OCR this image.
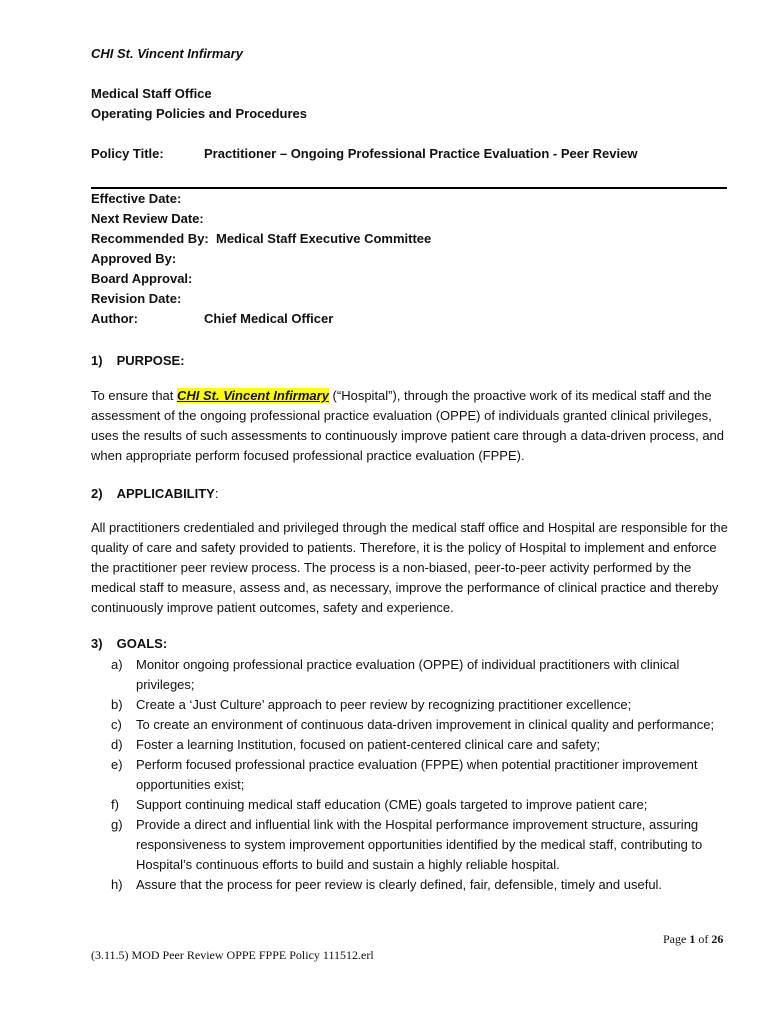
CHI St. Vincent Infirmary
Medical Staff Office
Operating Policies and Procedures
Policy Title:	Practitioner – Ongoing Professional Practice Evaluation - Peer Review
Effective Date:
Next Review Date:
Recommended By: Medical Staff Executive Committee
Approved By:
Board Approval:
Revision Date:
Author:	Chief Medical Officer
1) PURPOSE:
To ensure that CHI St. Vincent Infirmary (“Hospital”), through the proactive work of its medical staff and the assessment of the ongoing professional practice evaluation (OPPE) of individuals granted clinical privileges, uses the results of such assessments to continuously improve patient care through a data-driven process, and when appropriate perform focused professional practice evaluation (FPPE).
2) APPLICABILITY:
All practitioners credentialed and privileged through the medical staff office and Hospital are responsible for the quality of care and safety provided to patients. Therefore, it is the policy of Hospital to implement and enforce the practitioner peer review process. The process is a non-biased, peer-to-peer activity performed by the medical staff to measure, assess and, as necessary, improve the performance of clinical practice and thereby continuously improve patient outcomes, safety and experience.
3) GOALS:
a) Monitor ongoing professional practice evaluation (OPPE) of individual practitioners with clinical privileges;
b) Create a ‘Just Culture’ approach to peer review by recognizing practitioner excellence;
c) To create an environment of continuous data-driven improvement in clinical quality and performance;
d) Foster a learning Institution, focused on patient-centered clinical care and safety;
e) Perform focused professional practice evaluation (FPPE) when potential practitioner improvement opportunities exist;
f) Support continuing medical staff education (CME) goals targeted to improve patient care;
g) Provide a direct and influential link with the Hospital performance improvement structure, assuring responsiveness to system improvement opportunities identified by the medical staff, contributing to Hospital’s continuous efforts to build and sustain a highly reliable hospital.
h) Assure that the process for peer review is clearly defined, fair, defensible, timely and useful.
Page 1 of 26
(3.11.5) MOD Peer Review OPPE FPPE Policy 111512.erl
